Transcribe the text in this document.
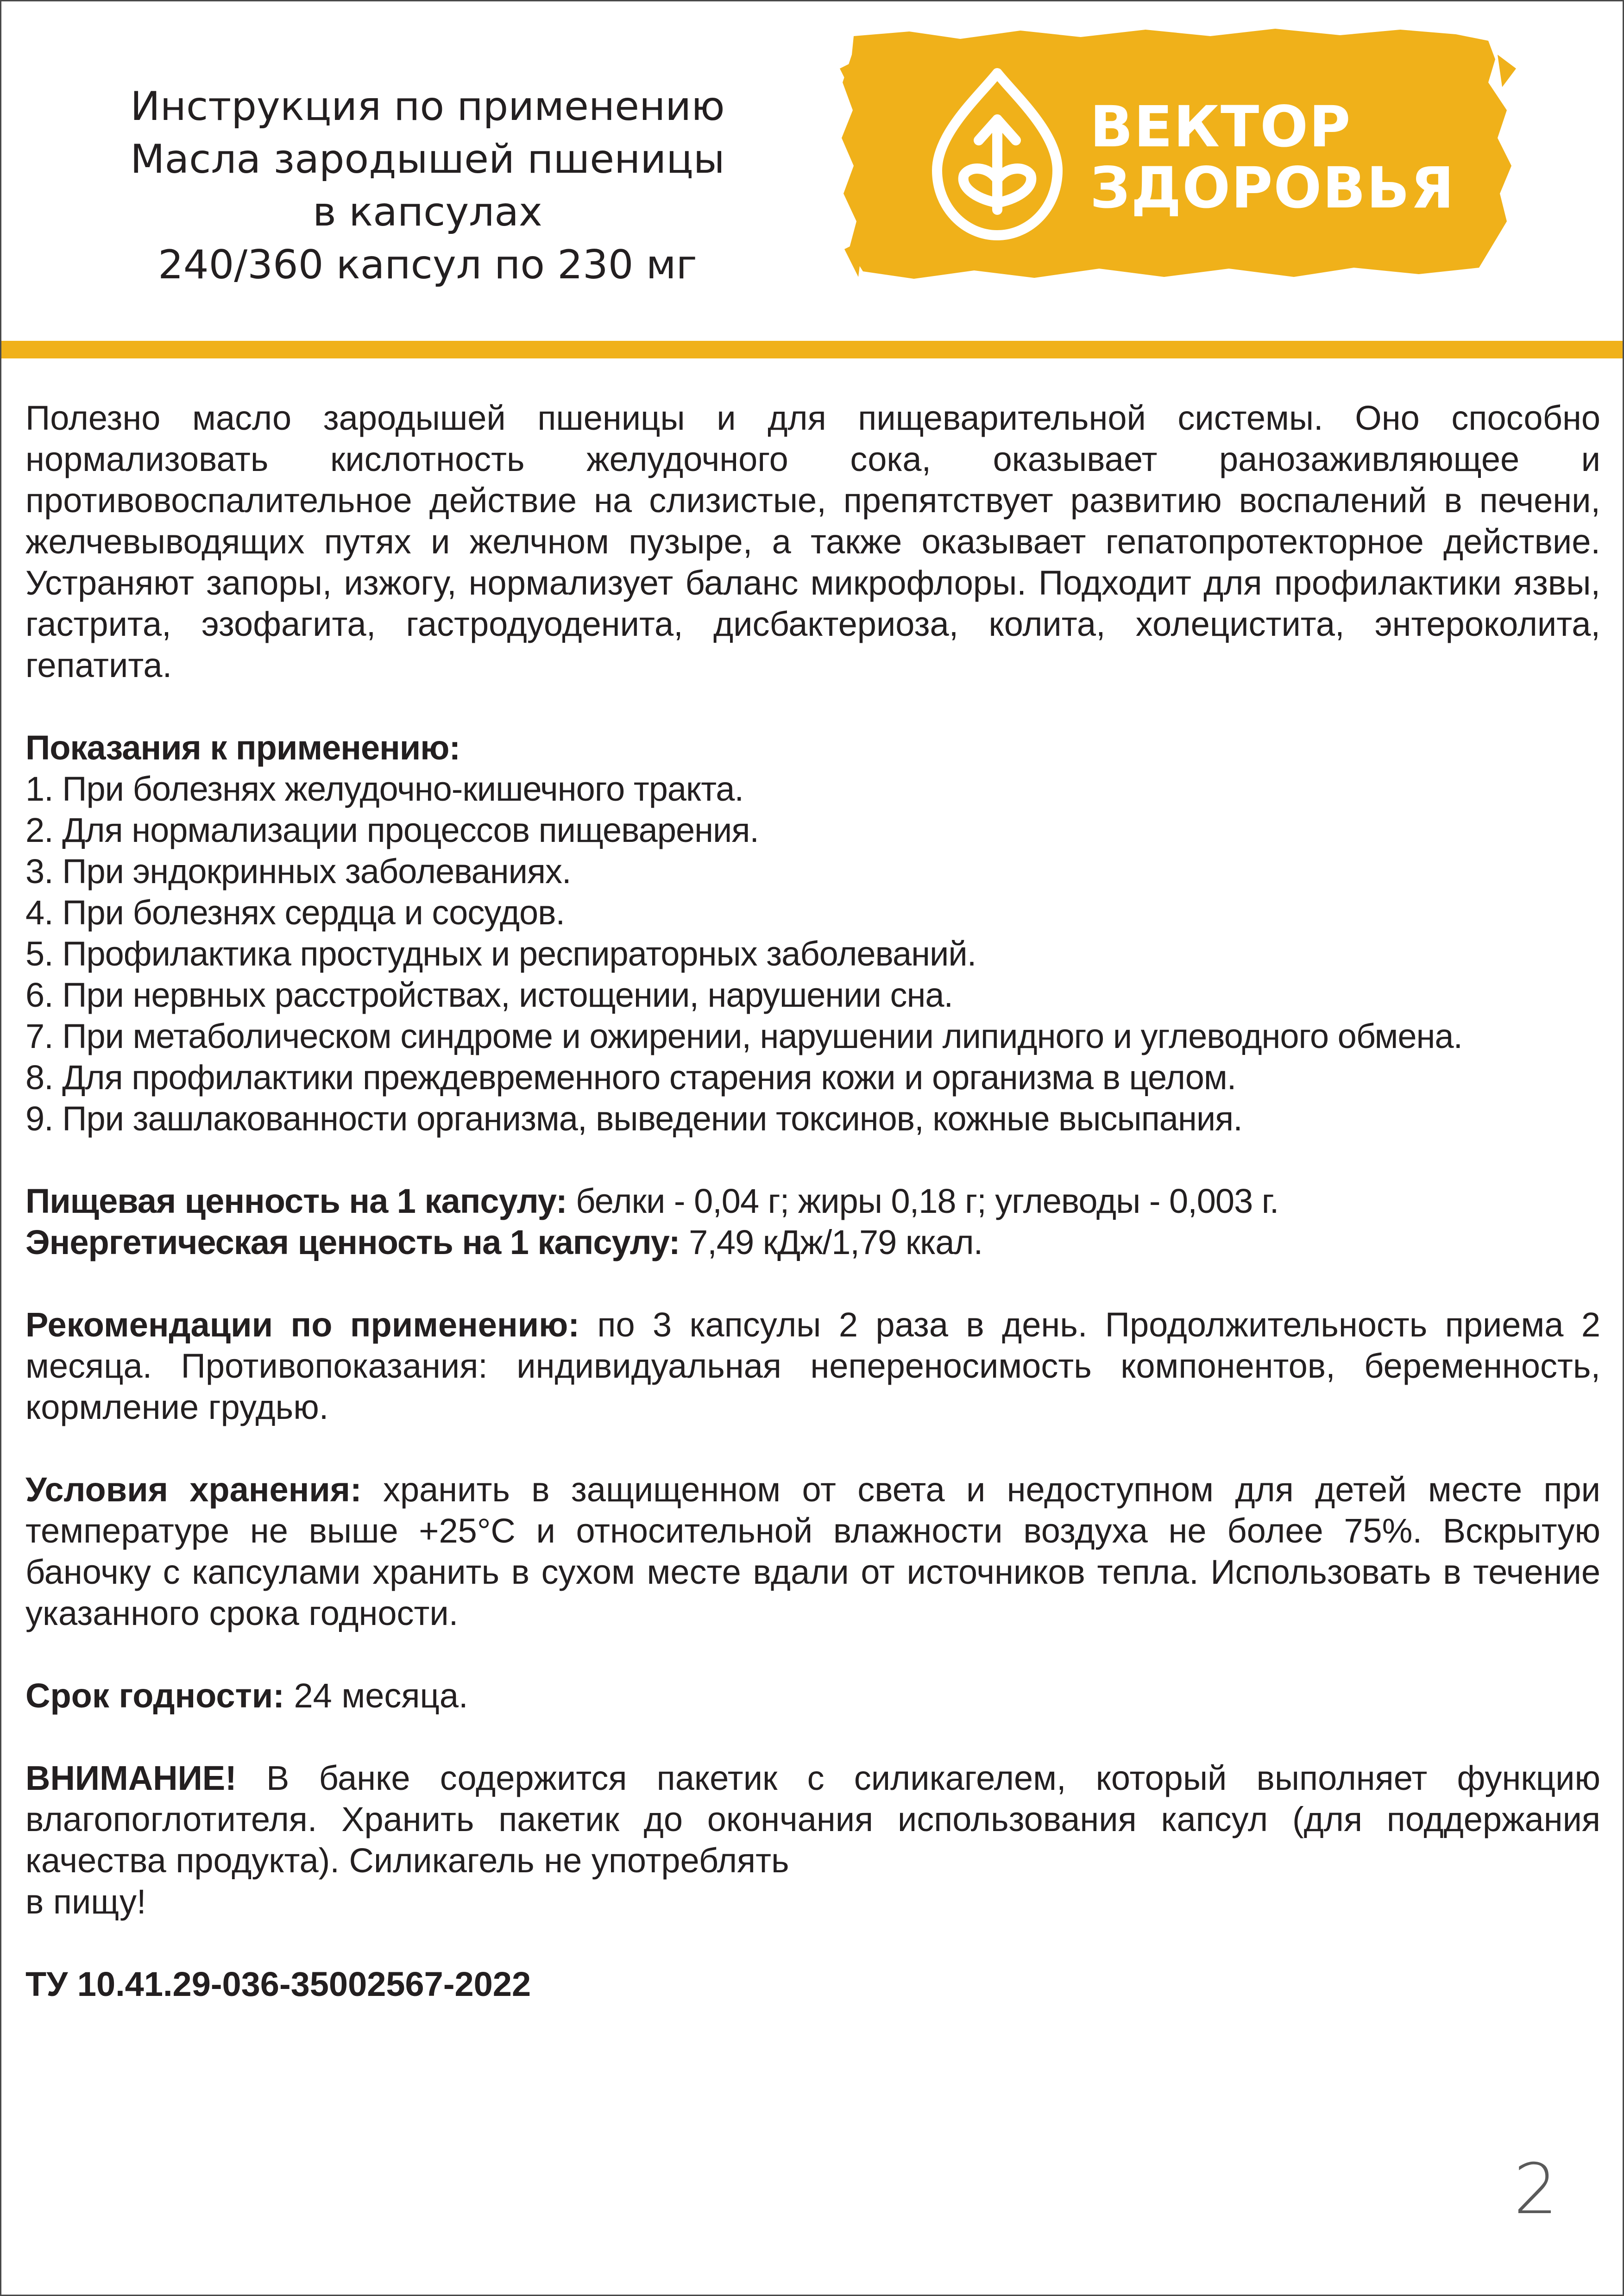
Инструкция по применению
Масла зародышей пшеницы
в капсулах
240/360 капсул по 230 мг
ВЕКТОР
ЗДОРОВЬЯ

Полезно масло зародышей пшеницы и для пищеварительной системы. Оно способно нормализовать кислотность желудочного сока, оказывает ранозаживляющее и противовоспалительное действие на слизистые, препятствует развитию воспалений в печени, желчевыводящих путях и желчном пузыре, а также оказывает гепатопротекторное действие. Устраняют запоры, изжогу, нормализует баланс микрофлоры. Подходит для профилактики язвы, гастрита, эзофагита, гастродуоденита, дисбактериоза, колита, холецистита, энтероколита, гепатита.

Показания к применению:
1. При болезнях желудочно-кишечного тракта.
2. Для нормализации процессов пищеварения.
3. При эндокринных заболеваниях.
4. При болезнях сердца и сосудов.
5. Профилактика простудных и респираторных заболеваний.
6. При нервных расстройствах, истощении, нарушении сна.
7. При метаболическом синдроме и ожирении, нарушении липидного и углеводного обмена.
8. Для профилактики преждевременного старения кожи и организма в целом.
9. При зашлакованности организма, выведении токсинов, кожные высыпания.
Пищевая ценность на 1 капсулу: белки - 0,04 г; жиры 0,18 г; углеводы - 0,003 г.
Энергетическая ценность на 1 капсулу: 7,49 кДж/1,79 ккал.

Рекомендации по применению: по 3 капсулы 2 раза в день. Продолжительность приема 2 месяца. Противопоказания: индивидуальная непереносимость компонентов, беременность, кормление грудью.

Условия хранения: хранить в защищенном от света и недоступном для детей месте при температуре не выше +25°С и относительной влажности воздуха не более 75%. Вскрытую баночку с капсулами хранить в сухом месте вдали от источников тепла. Использовать в течение указанного срока годности.

Срок годности: 24 месяца.

ВНИМАНИЕ! В банке содержится пакетик с силикагелем, который выполняет функцию влагопоглотителя. Хранить пакетик до окончания использования капсул (для поддержания качества продукта). Силикагель не употреблять

в пищу!

ТУ 10.41.29-036-35002567-2022

2
